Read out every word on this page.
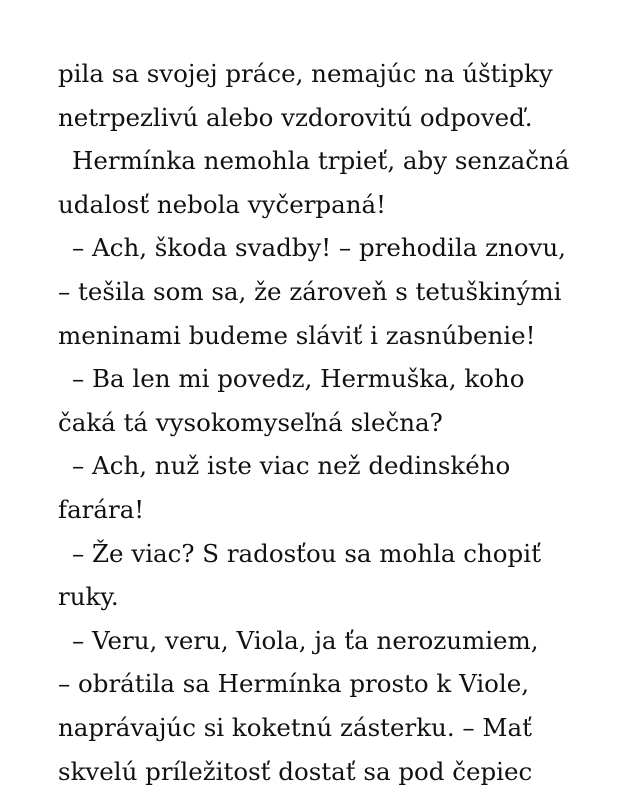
pila sa svojej práce, nemajúc na úštipky
netrpezlivú alebo vzdorovitú odpoveď.
Hermínka nemohla trpieť, aby senzačná
udalosť nebola vyčerpaná!
– Ach, škoda svadby! – prehodila znovu,
– tešila som sa, že zároveň s tetuškinými
meninami budeme sláviť i zasnúbenie!
– Ba len mi povedz, Hermuška, koho
čaká tá vysokomyseľná slečna?
– Ach, nuž iste viac než dedinského
farára!
– Že viac? S radosťou sa mohla chopiť
ruky.
– Veru, veru, Viola, ja ťa nerozumiem,
– obrátila sa Hermínka prosto k Viole,
naprávajúc si koketnú zásterku. – Mať
skvelú príležitosť dostať sa pod čepiec
